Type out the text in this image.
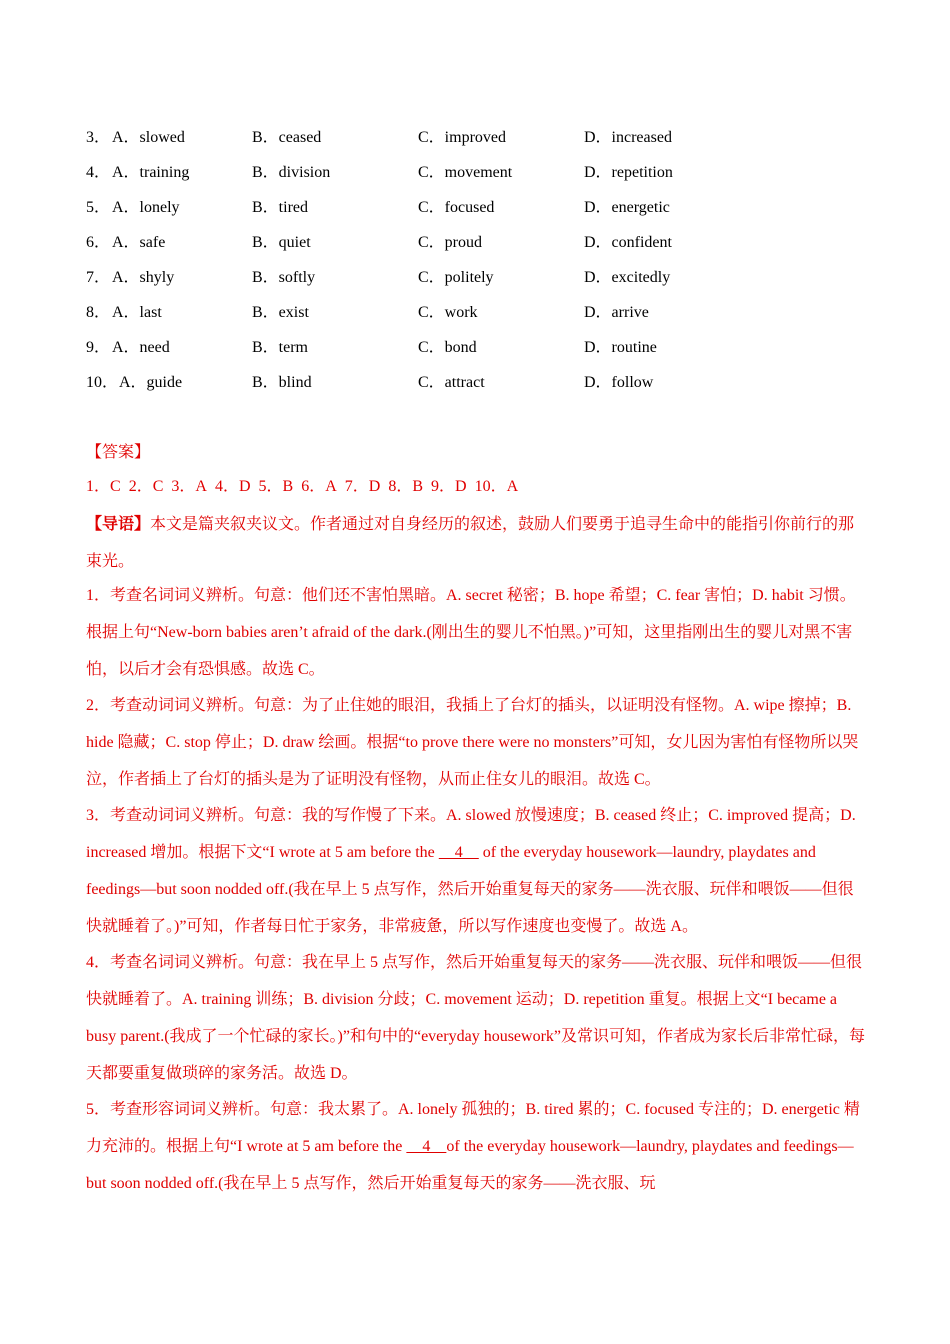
3． A．slowed	B．ceased	C．improved	D．increased
4． A．training	B．division	C．movement	D．repetition
5． A．lonely	B．tired	C．focused	D．energetic
6． A．safe	B．quiet	C．proud	D．confident
7． A．shyly	B．softly	C．politely	D．excitedly
8． A．last	B．exist	C．work	D．arrive
9． A．need	B．term	C．bond	D．routine
10． A．guide	B．blind	C．attract	D．follow
【答案】
1．C 2．C 3．A 4．D 5．B 6．A 7．D 8．B 9．D 10．A

【导语】本文是篇夹叙夹议文。作者通过对自身经历的叙述，鼓励人们要勇于追寻生命中的能指引你前行的那束光。

1．考查名词词义辨析。句意：他们还不害怕黑暗。A. secret 秘密；B. hope 希望；C. fear 害怕；D. habit 习惯。根据上句“New-born babies aren’t afraid of the dark.(刚出生的婴儿不怕黑。)”可知，这里指刚出生的婴儿对黑不害怕，以后才会有恐惧感。故选 C。

2．考查动词词义辨析。句意：为了止住她的眼泪，我插上了台灯的插头，以证明没有怪物。A. wipe 擦掉；B. hide 隐藏；C. stop 停止；D. draw 绘画。根据“to prove there were no monsters”可知，女儿因为害怕有怪物所以哭泣，作者插上了台灯的插头是为了证明没有怪物，从而止住女儿的眼泪。故选 C。

3．考查动词词义辨析。句意：我的写作慢了下来。A. slowed 放慢速度；B. ceased 终止；C. improved 提高；D. increased 增加。根据下文“I wrote at 5 am before the     4     of the everyday housework—laundry, playdates and feedings—but soon nodded off.(我在早上 5 点写作，然后开始重复每天的家务——洗衣服、玩伴和喂饭——但很快就睡着了。)”可知，作者每日忙于家务，非常疲惫，所以写作速度也变慢了。故选 A。

4．考查名词词义辨析。句意：我在早上 5 点写作，然后开始重复每天的家务——洗衣服、玩伴和喂饭——但很快就睡着了。A. training 训练；B. division 分歧；C. movement 运动；D. repetition 重复。根据上文“I became a busy parent.(我成了一个忙碌的家长。)”和句中的“everyday housework”及常识可知，作者成为家长后非常忙碌，每天都要重复做琐碎的家务活。故选 D。

5．考查形容词词义辨析。句意：我太累了。A. lonely 孤独的；B. tired 累的；C. focused 专注的；D. energetic 精力充沛的。根据上句“I wrote at 5 am before the     4    of the everyday housework—laundry, playdates and feedings—but soon nodded off.(我在早上 5 点写作，然后开始重复每天的家务——洗衣服、玩
